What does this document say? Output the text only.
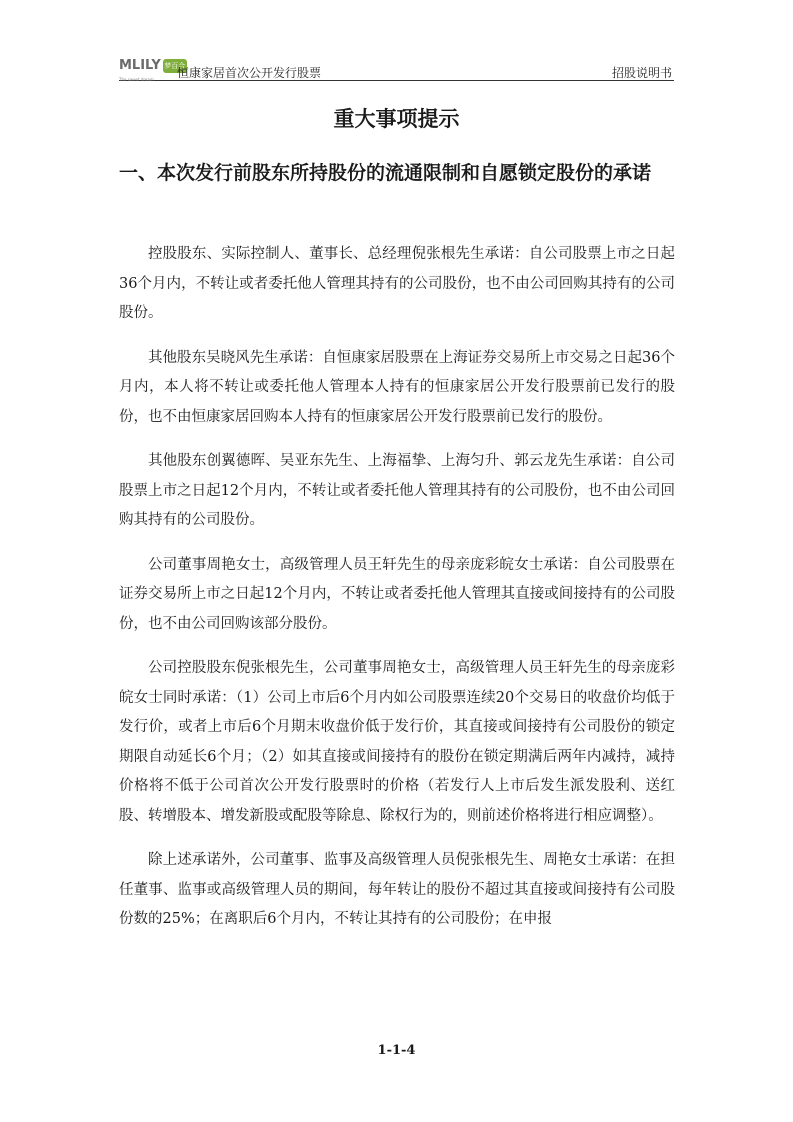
MLILY 梦百合
The sweet dream 恒康家居首次公开发行股票	招股说明书
重大事项提示
一、本次发行前股东所持股份的流通限制和自愿锁定股份的承诺

控股股东、实际控制人、董事长、总经理倪张根先生承诺：自公司股票上市之日起36个月内，不转让或者委托他人管理其持有的公司股份，也不由公司回购其持有的公司股份。

其他股东吴晓风先生承诺：自恒康家居股票在上海证券交易所上市交易之日起36个月内，本人将不转让或委托他人管理本人持有的恒康家居公开发行股票前已发行的股份，也不由恒康家居回购本人持有的恒康家居公开发行股票前已发行的股份。

其他股东创翼德晖、吴亚东先生、上海福挚、上海匀升、郭云龙先生承诺：自公司股票上市之日起12个月内，不转让或者委托他人管理其持有的公司股份，也不由公司回购其持有的公司股份。

公司董事周艳女士，高级管理人员王轩先生的母亲庞彩皖女士承诺：自公司股票在证券交易所上市之日起12个月内，不转让或者委托他人管理其直接或间接持有的公司股份，也不由公司回购该部分股份。

公司控股股东倪张根先生，公司董事周艳女士，高级管理人员王轩先生的母亲庞彩皖女士同时承诺：（1）公司上市后6个月内如公司股票连续20个交易日的收盘价均低于发行价，或者上市后6个月期末收盘价低于发行价，其直接或间接持有公司股份的锁定期限自动延长6个月；（2）如其直接或间接持有的股份在锁定期满后两年内减持，减持价格将不低于公司首次公开发行股票时的价格（若发行人上市后发生派发股利、送红股、转增股本、增发新股或配股等除息、除权行为的，则前述价格将进行相应调整）。

除上述承诺外，公司董事、监事及高级管理人员倪张根先生、周艳女士承诺：在担任董事、监事或高级管理人员的期间，每年转让的股份不超过其直接或间接持有公司股份数的25%；在离职后6个月内，不转让其持有的公司股份；在申报

1-1-4
